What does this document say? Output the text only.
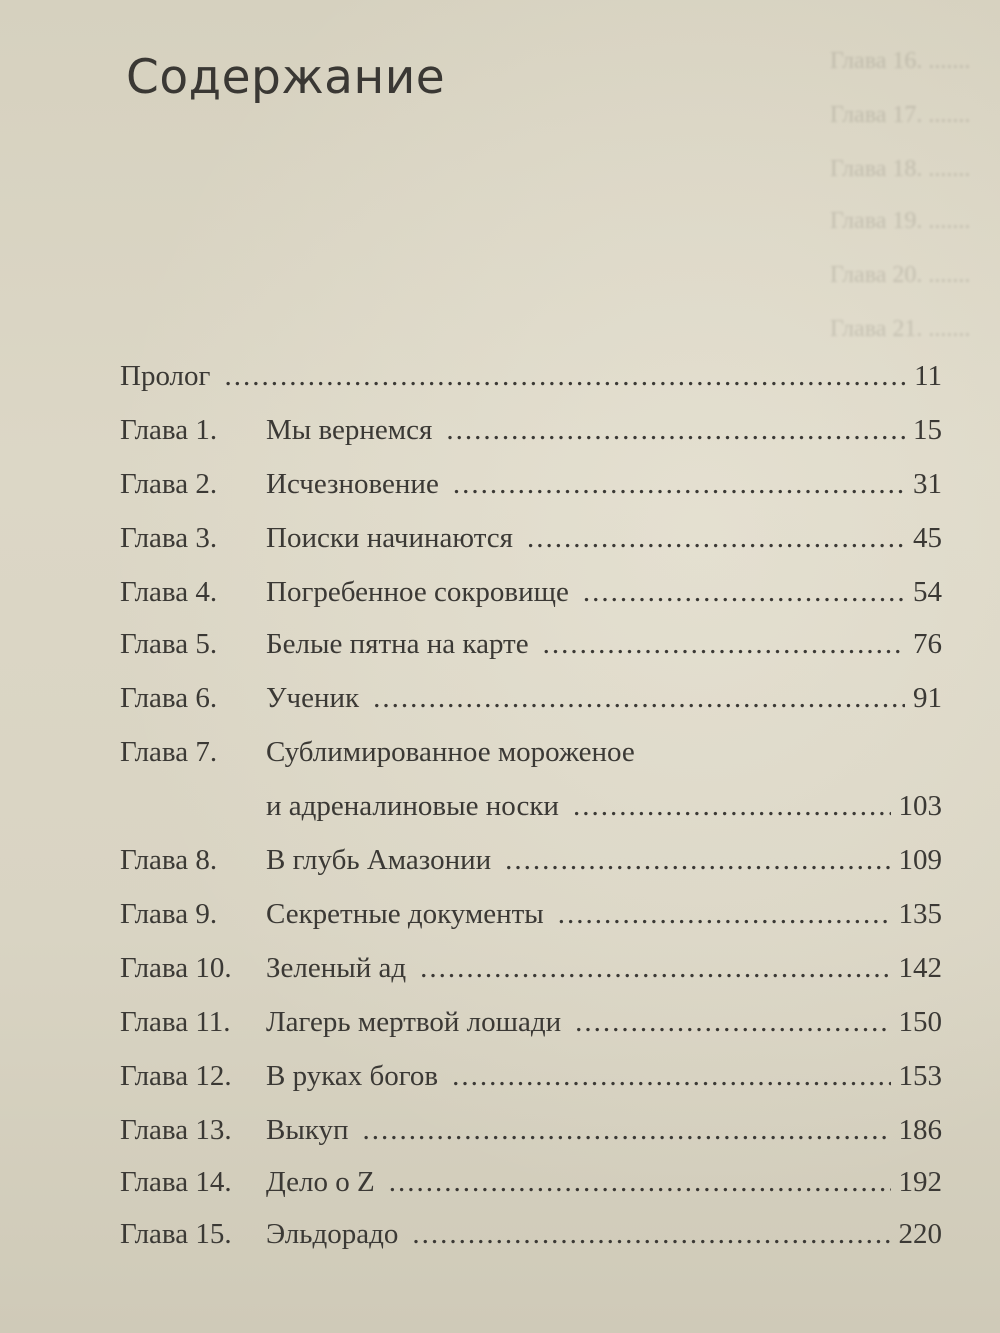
Глава 16. .......
Глава 17. .......
Глава 18. .......
Глава 19. .......
Глава 20. .......
Глава 21. .......
Содержание
Пролог .....	11
Глава 1.	Мы вернемся .....	15
Глава 2.	Исчезновение .....	31
Глава 3.	Поиски начинаются .....	45
Глава 4.	Погребенное сокровище .....	54
Глава 5.	Белые пятна на карте .....	76
Глава 6.	Ученик .....	91
Глава 7.	Сублимированное мороженое
и адреналиновые носки .....	103
Глава 8.	В глубь Амазонии .....	109
Глава 9.	Секретные документы .....	135
Глава 10.	Зеленый ад .....	142
Глава 11.	Лагерь мертвой лошади .....	150
Глава 12.	В руках богов .....	153
Глава 13.	Выкуп .....	186
Глава 14.	Дело о Z .....	192
Глава 15.	Эльдорадо .....	220
